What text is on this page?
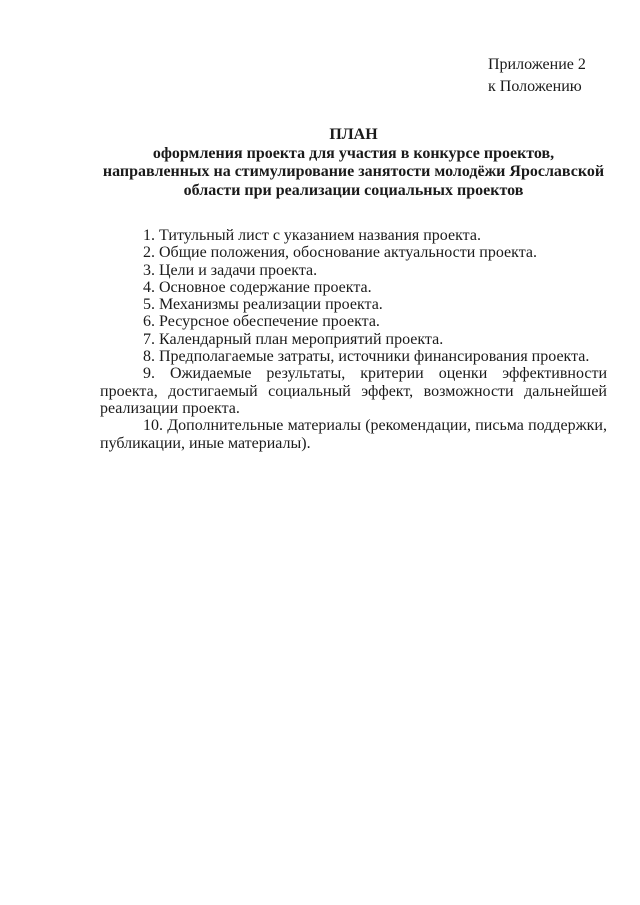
Приложение 2
к Положению
ПЛАН
оформления проекта для участия в конкурсе проектов,
направленных на стимулирование занятости молодёжи Ярославской
области при реализации социальных проектов

1. Титульный лист с указанием названия проекта.

2. Общие положения, обоснование актуальности проекта.

3. Цели и задачи проекта.

4. Основное содержание проекта.

5. Механизмы реализации проекта.

6. Ресурсное обеспечение проекта.

7. Календарный план мероприятий проекта.

8. Предполагаемые затраты, источники финансирования проекта.

9. Ожидаемые результаты, критерии оценки эффективности проекта, достигаемый социальный эффект, возможности дальнейшей реализации проекта.

10. Дополнительные материалы (рекомендации, письма поддержки, публикации, иные материалы).
